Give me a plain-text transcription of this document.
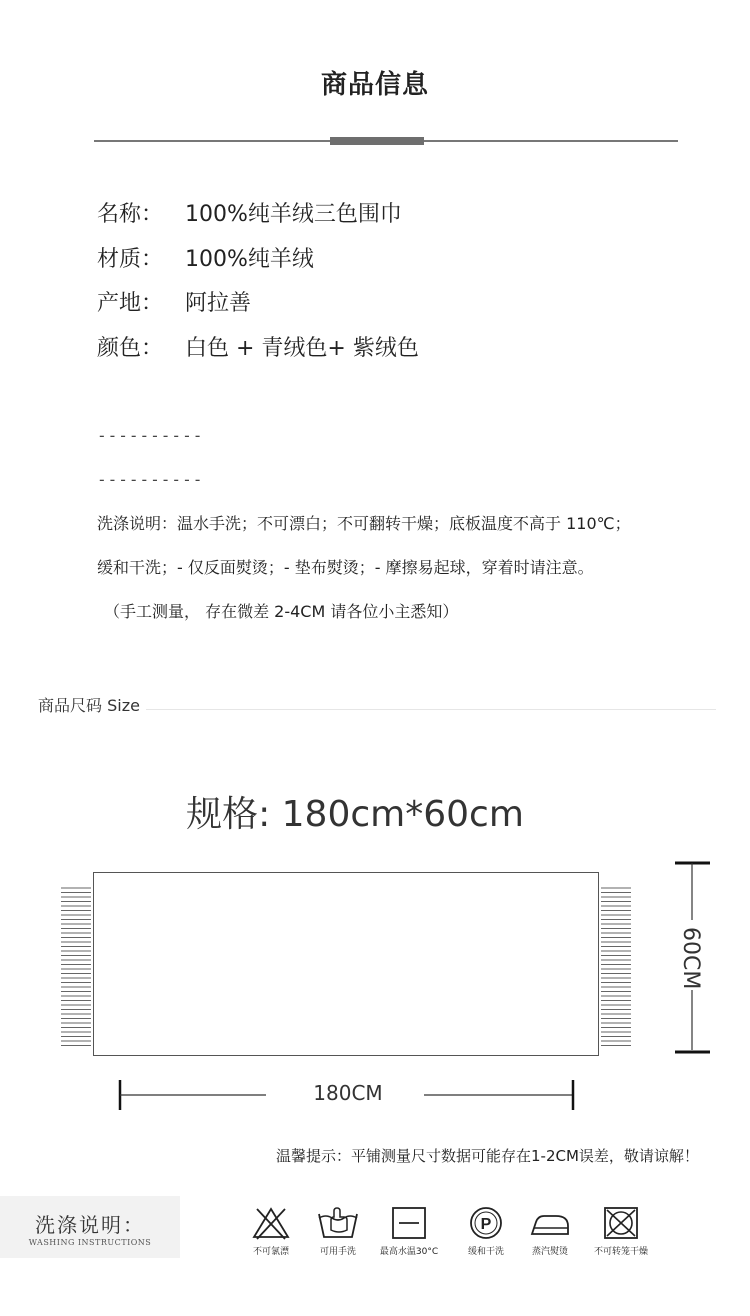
商品信息
名称： 100%纯羊绒三色围巾
材质： 100%纯羊绒
产地： 阿拉善
颜色： 白色 + 青绒色+ 紫绒色
----------
----------
洗涤说明：温水手洗；不可漂白；不可翻转干燥；底板温度不高于 110℃；
缓和干洗；- 仅反面熨烫；- 垫布熨烫；- 摩擦易起球，穿着时请注意。
（手工测量， 存在微差 2-4CM 请各位小主悉知）
商品尺码 Size
规格: 180cm*60cm
60CM
180CM
温馨提示：平铺测量尺寸数据可能存在1-2CM误差，敬请谅解！
洗涤说明：
WASHING INSTRUCTIONS
不可氯漂	可用手洗	最高水温30°C
P
缓和干洗	蒸汽熨烫	不可转笼干燥
